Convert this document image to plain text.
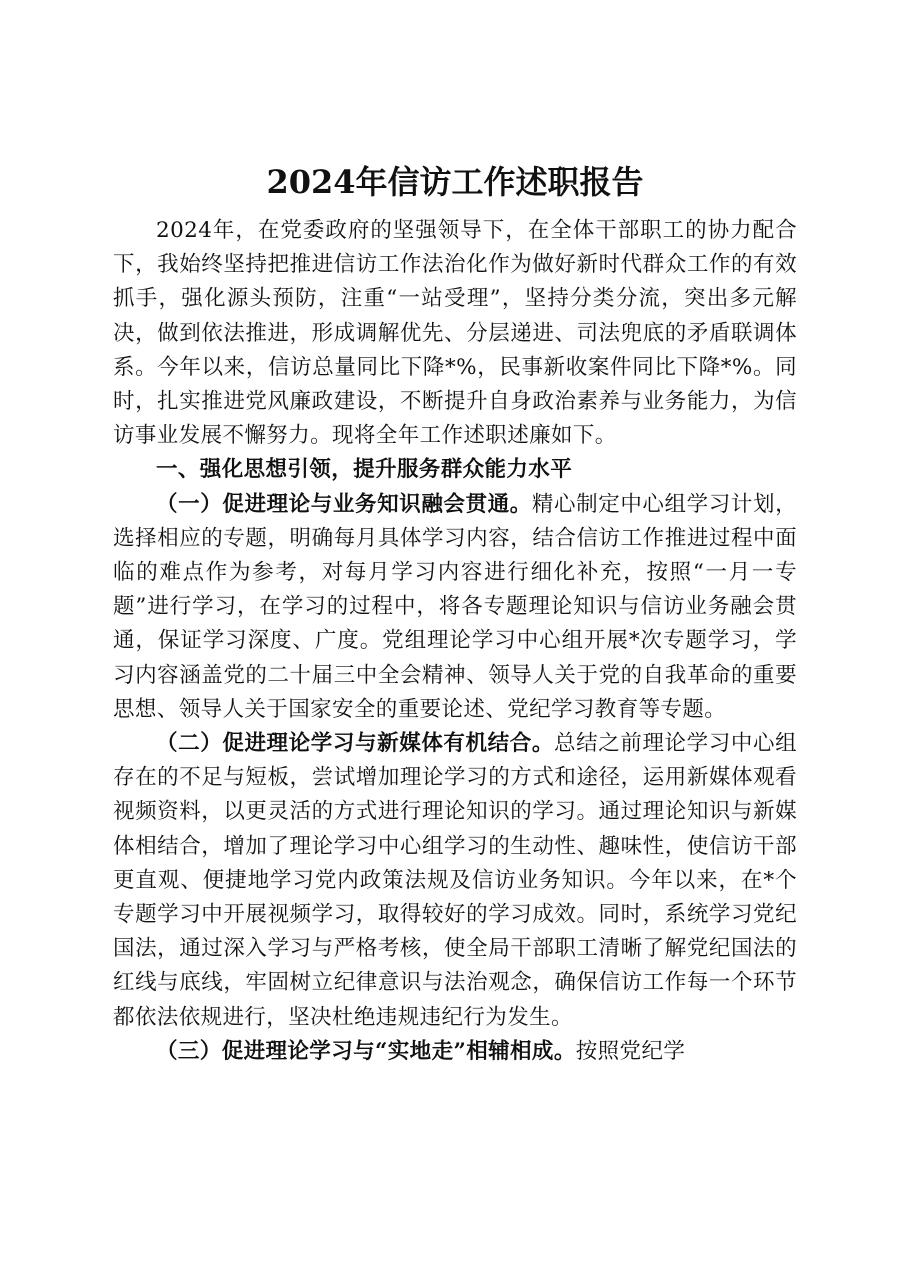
2024年信访工作述职报告

2024年，在党委政府的坚强领导下，在全体干部职工的协力配合下，我始终坚持把推进信访工作法治化作为做好新时代群众工作的有效抓手，强化源头预防，注重“一站受理”，坚持分类分流，突出多元解决，做到依法推进，形成调解优先、分层递进、司法兜底的矛盾联调体系。今年以来，信访总量同比下降*%，民事新收案件同比下降*%。同时，扎实推进党风廉政建设，不断提升自身政治素养与业务能力，为信访事业发展不懈努力。现将全年工作述职述廉如下。

一、强化思想引领，提升服务群众能力水平

（一）促进理论与业务知识融会贯通。精心制定中心组学习计划，选择相应的专题，明确每月具体学习内容，结合信访工作推进过程中面临的难点作为参考，对每月学习内容进行细化补充，按照“一月一专题”进行学习，在学习的过程中，将各专题理论知识与信访业务融会贯通，保证学习深度、广度。党组理论学习中心组开展*次专题学习，学习内容涵盖党的二十届三中全会精神、领导人关于党的自我革命的重要思想、领导人关于国家安全的重要论述、党纪学习教育等专题。

（二）促进理论学习与新媒体有机结合。总结之前理论学习中心组存在的不足与短板，尝试增加理论学习的方式和途径，运用新媒体观看视频资料，以更灵活的方式进行理论知识的学习。通过理论知识与新媒体相结合，增加了理论学习中心组学习的生动性、趣味性，使信访干部更直观、便捷地学习党内政策法规及信访业务知识。今年以来，在*个专题学习中开展视频学习，取得较好的学习成效。同时，系统学习党纪国法，通过深入学习与严格考核，使全局干部职工清晰了解党纪国法的红线与底线，牢固树立纪律意识与法治观念，确保信访工作每一个环节都依法依规进行，坚决杜绝违规违纪行为发生。

（三）促进理论学习与“实地走”相辅相成。按照党纪学
